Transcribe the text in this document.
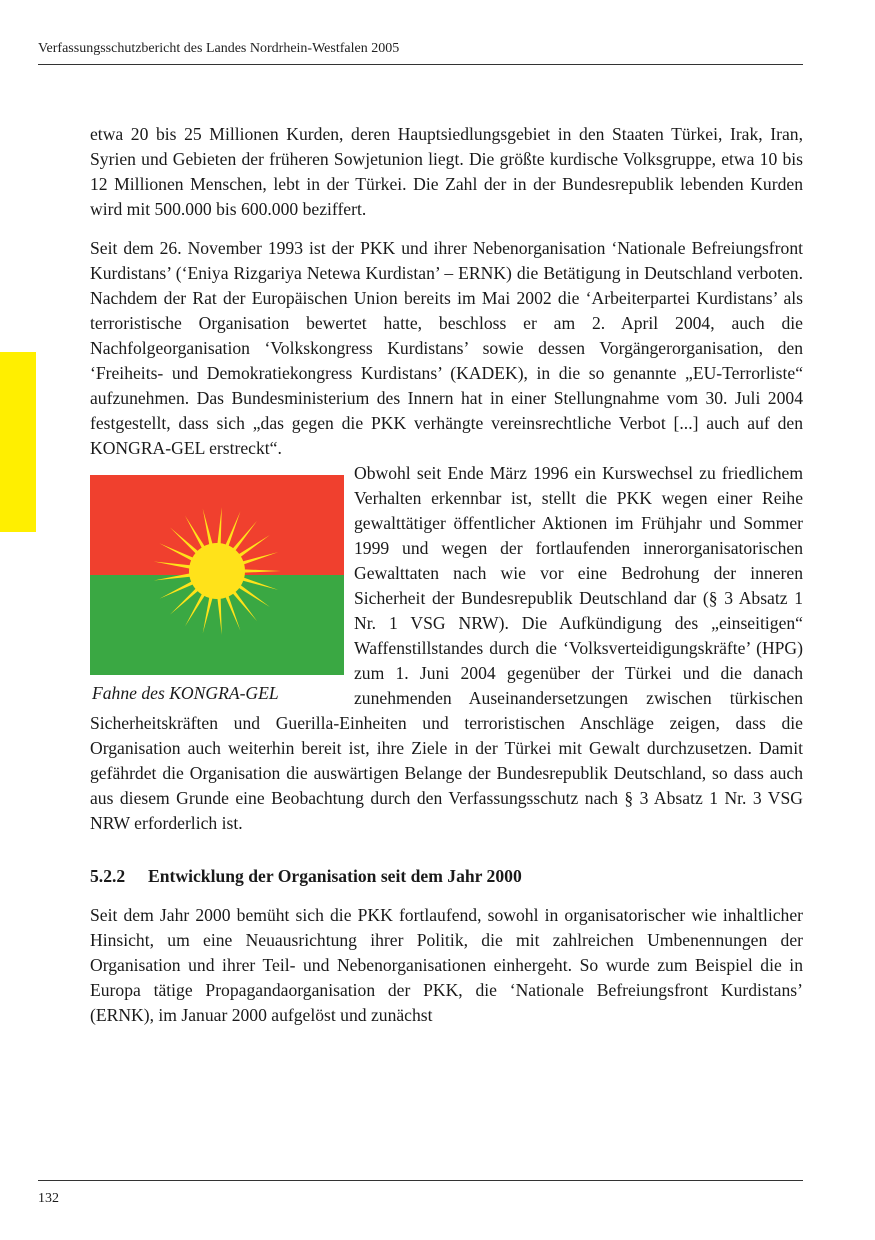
Verfassungsschutzbericht des Landes Nordrhein-Westfalen 2005

etwa 20 bis 25 Millionen Kurden, deren Hauptsiedlungsgebiet in den Staaten Türkei, Irak, Iran, Syrien und Gebieten der früheren Sowjetunion liegt. Die größte kurdische Volksgruppe, etwa 10 bis 12 Millionen Menschen, lebt in der Türkei. Die Zahl der in der Bundesrepublik lebenden Kurden wird mit 500.000 bis 600.000 beziffert.

Seit dem 26. November 1993 ist der PKK und ihrer Nebenorganisation ‘Nationale Befreiungsfront Kurdistans’ (‘Eniya Rizgariya Netewa Kurdistan’ – ERNK) die Betätigung in Deutschland verboten. Nachdem der Rat der Europäischen Union bereits im Mai 2002 die ‘Arbeiterpartei Kurdistans’ als terroristische Organisation bewertet hatte, beschloss er am 2. April 2004, auch die Nachfolgeorganisation ‘Volkskongress Kurdistans’ sowie dessen Vorgängerorganisation, den ‘Freiheits- und Demokratiekongress Kurdistans’ (KADEK), in die so genannte „EU-Terrorliste“ aufzunehmen. Das Bundesministerium des Innern hat in einer Stellungnahme vom 30. Juli 2004 festgestellt, dass sich „das gegen die PKK verhängte vereinsrechtliche Verbot [...] auch auf den KONGRA-GEL erstreckt“.

Fahne des KONGRA-GEL

Obwohl seit Ende März 1996 ein Kurswechsel zu friedlichem Verhalten erkennbar ist, stellt die PKK wegen einer Reihe gewalttätiger öffentlicher Aktionen im Frühjahr und Sommer 1999 und wegen der fortlaufenden innerorganisatorischen Gewalttaten nach wie vor eine Bedrohung der inneren Sicherheit der Bundesrepublik Deutschland dar (§ 3 Absatz 1 Nr. 1 VSG NRW). Die Aufkündigung des „einseitigen“ Waffenstillstandes durch die ‘Volksverteidigungskräfte’ (HPG) zum 1. Juni 2004 gegenüber der Türkei und die danach zunehmenden Auseinandersetzungen zwischen türkischen Sicherheitskräften und Guerilla-Einheiten und terroristischen Anschläge zeigen, dass die Organisation auch weiterhin bereit ist, ihre Ziele in der Türkei mit Gewalt durchzusetzen. Damit gefährdet die Organisation die auswärtigen Belange der Bundesrepublik Deutschland, so dass auch aus diesem Grunde eine Beobachtung durch den Verfassungsschutz nach § 3 Absatz 1 Nr. 3 VSG NRW erforderlich ist.

5.2.2 Entwicklung der Organisation seit dem Jahr 2000

Seit dem Jahr 2000 bemüht sich die PKK fortlaufend, sowohl in organisatorischer wie inhaltlicher Hinsicht, um eine Neuausrichtung ihrer Politik, die mit zahlreichen Umbenennungen der Organisation und ihrer Teil- und Nebenorganisationen einhergeht. So wurde zum Beispiel die in Europa tätige Propagandaorganisation der PKK, die ‘Nationale Befreiungsfront Kurdistans’ (ERNK), im Januar 2000 aufgelöst und zunächst

132
